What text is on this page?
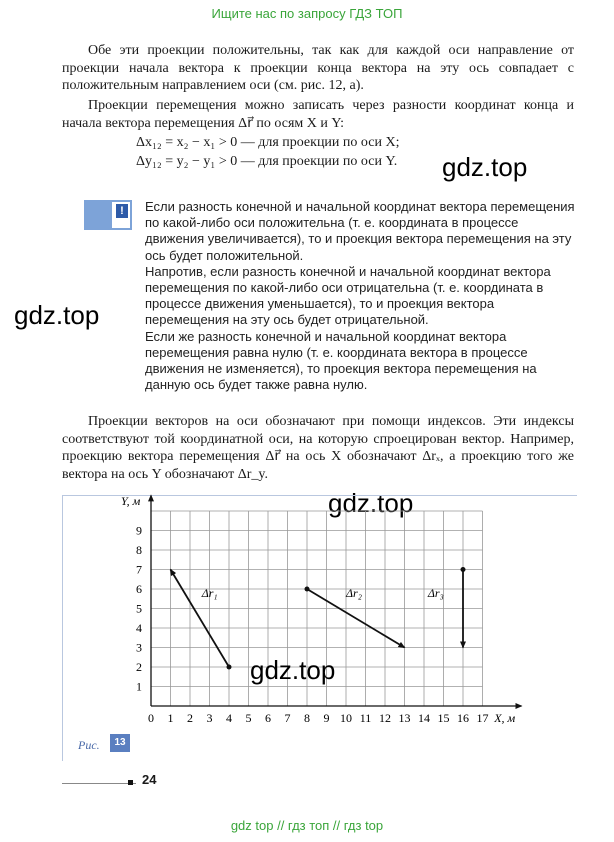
Ищите нас по запросу ГДЗ ТОП

Обе эти проекции положительны, так как для каждой оси направление от проекции начала вектора к проекции конца вектора на эту ось совпадает с положительным направлением оси (см. рис. 12, а).

Проекции перемещения можно записать через разности координат конца и начала вектора перемещения Δr⃗ по осям X и Y:

Δx₁₂ = x₂ − x₁ > 0 — для проекции по оси X;
Δy₁₂ = y₂ − y₁ > 0 — для проекции по оси Y. gdz.top
!	Если разность конечной и начальной координат вектора перемещения по какой-либо оси положительна (т. е. координата в процессе движения увеличивается), то и проекция вектора перемещения на эту ось будет положительной.

Напротив, если разность конечной и начальной координат вектора перемещения по какой-либо оси отрицательна (т. е. координата в процессе движения уменьшается), то и проекция вектора перемещения на эту ось будет отрицательной.

Если же разность конечной и начальной координат вектора перемещения равна нулю (т. е. координата вектора в процессе движения не изменяется), то проекция вектора перемещения на данную ось будет также равна нулю.

gdz.top

Проекции векторов на оси обозначают при помощи индексов. Эти индексы соответствуют той координатной оси, на которую спроецирован вектор. Например, проекцию вектора перемещения Δr⃗ на ось X обозначают Δrₓ, а проекцию того же вектора на ось Y обозначают Δr_y.

gdz.top
Y, м
X, м
0 1 2 3 4 5 6 7 8 9 10 11 12 13 14 15 16 17
1
2
3
4
5
6
7
8
9
Δr₁	Δr₂	Δr₃
gdz.top
Рис.	13
24
gdz top // гдз топ // гдз top
